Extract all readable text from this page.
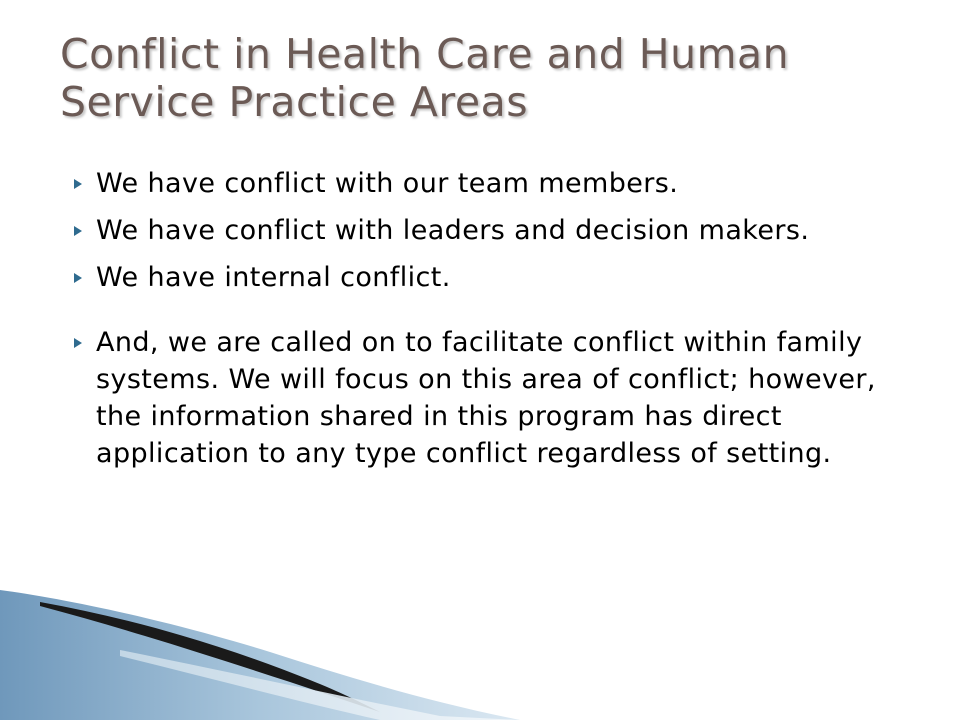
Conflict in Health Care and Human Service Practice Areas
We have conflict with our team members.
We have conflict with leaders and decision makers.
We have internal conflict.
And, we are called on to facilitate conflict within family systems. We will focus on this area of conflict; however, the information shared in this program has direct application to any type conflict regardless of setting.
